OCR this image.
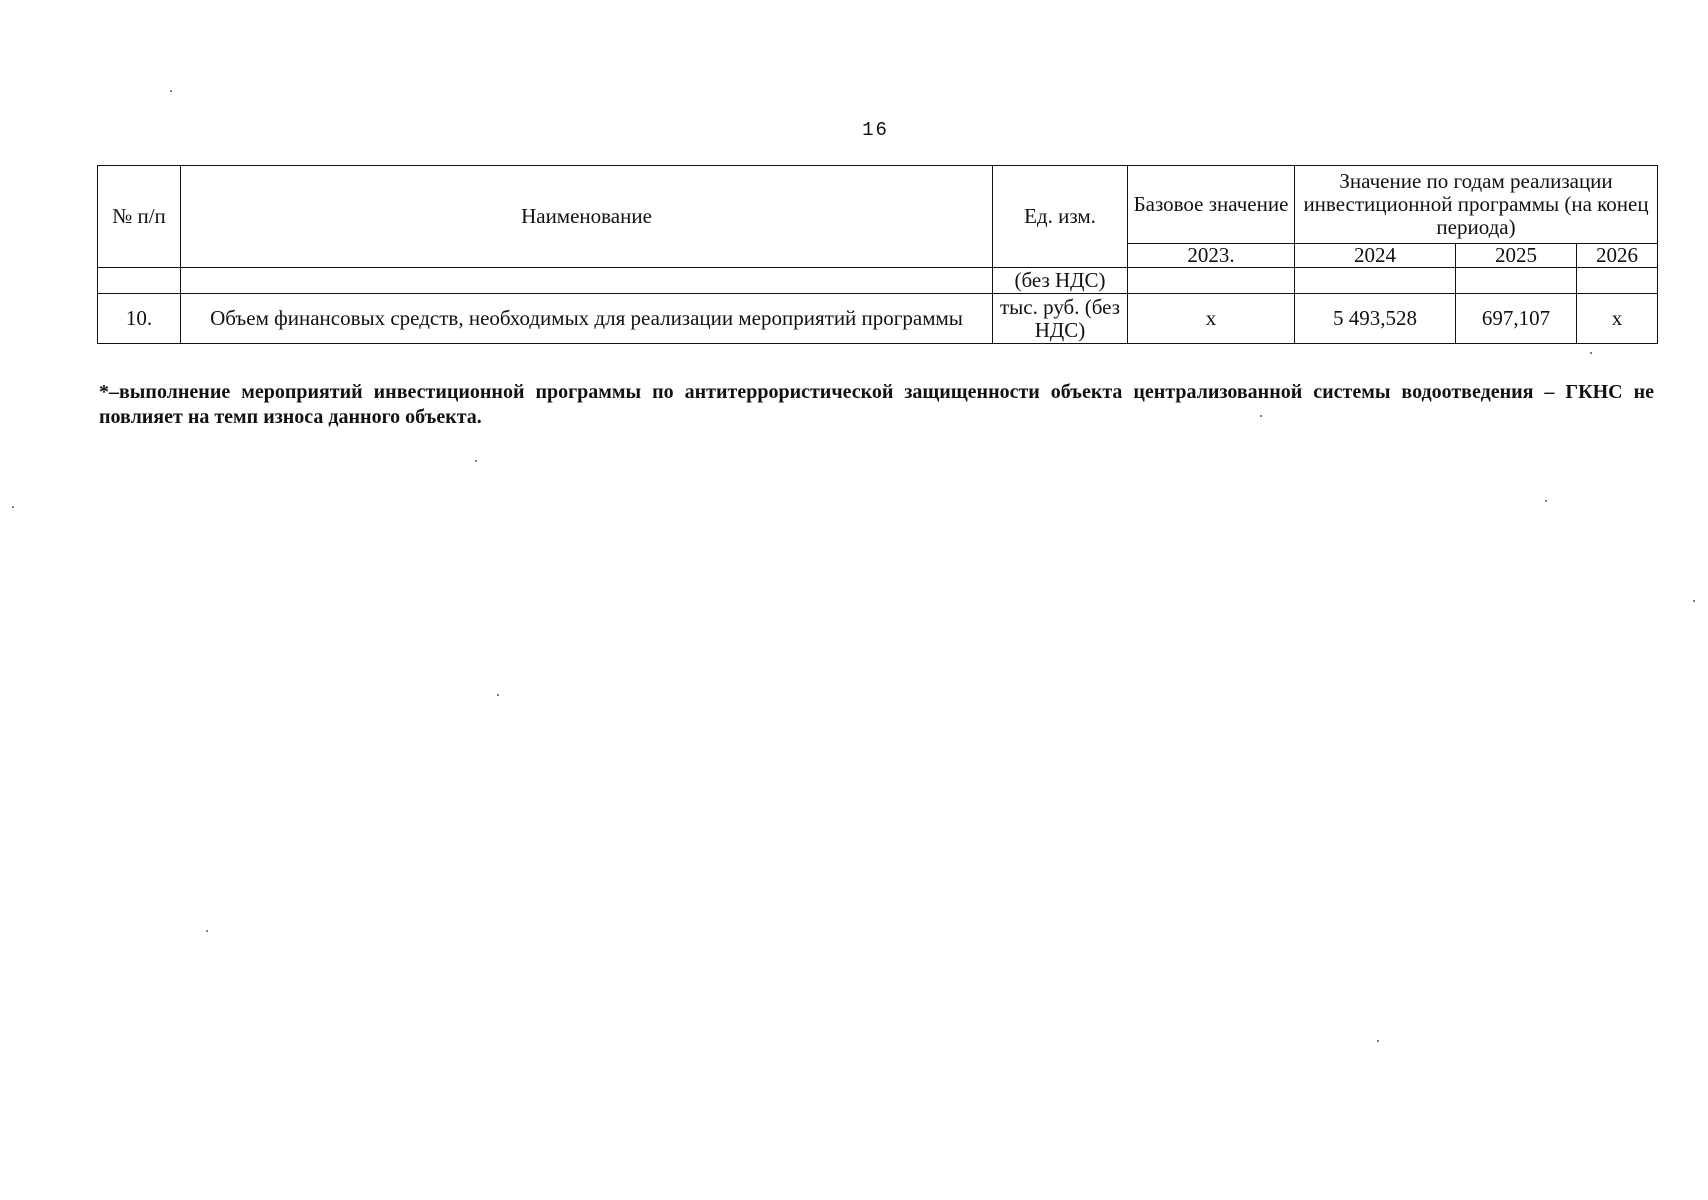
16
№ п/п	Наименование	Ед. изм.	Базовое значение	Значение по годам реализации инвестиционной программы (на конец периода)		
			2023.	2024	2025	2026
		(без НДС)				
10.	Объем финансовых средств, необходимых для реализации мероприятий программы	тыс. руб. (без НДС)	x	5 493,528	697,107	x
*–выполнение мероприятий инвестиционной программы по антитеррористической защищенности объекта централизованной системы водоотведения – ГКНС не повлияет на темп износа данного объекта.
